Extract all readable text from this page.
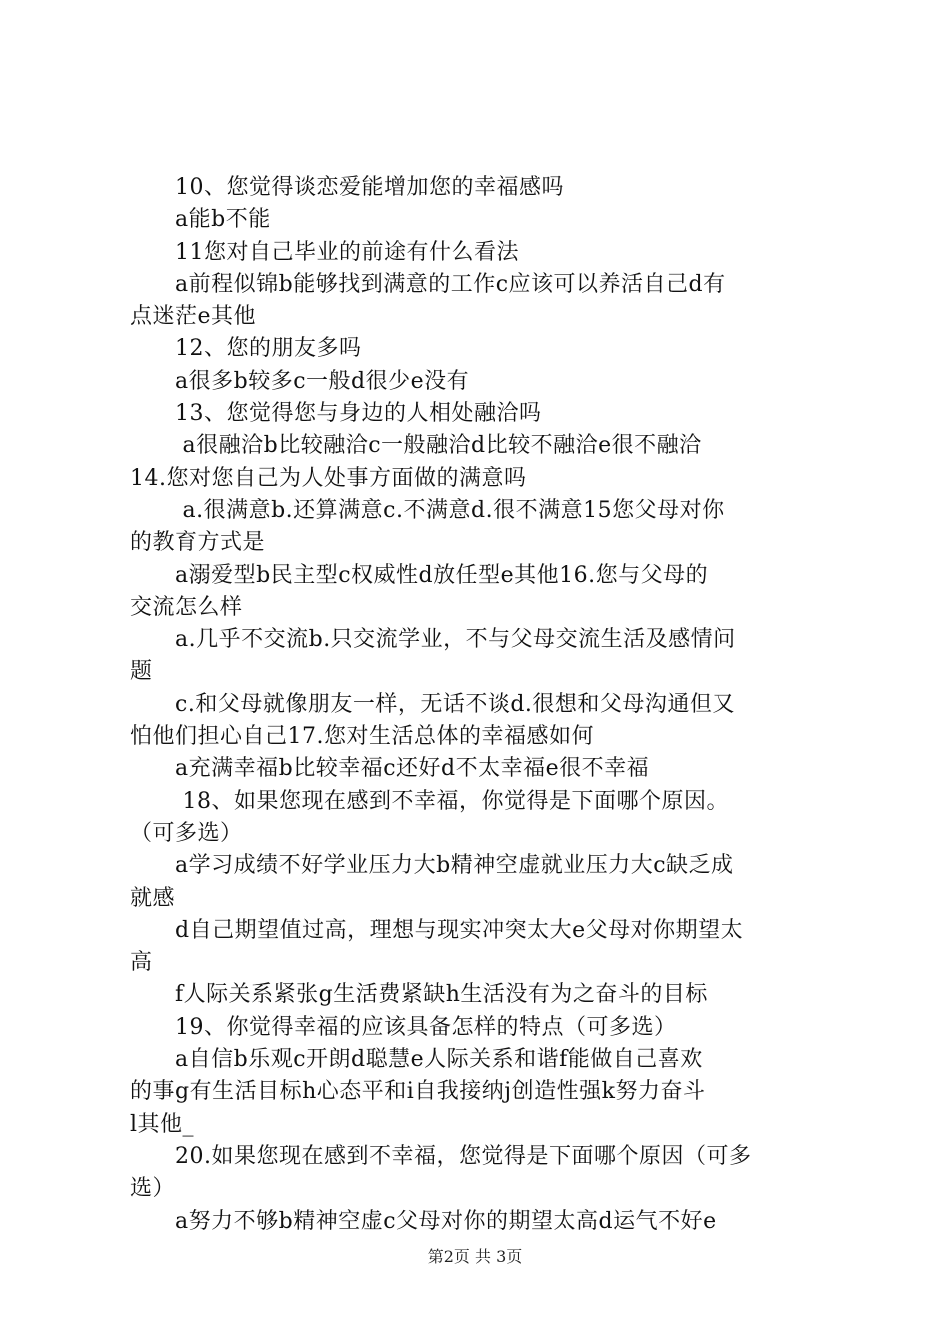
　　10、您觉得谈恋爱能增加您的幸福感吗

　　a能b不能

　　11您对自己毕业的前途有什么看法

　　a前程似锦b能够找到满意的工作c应该可以养活自己d有

点迷茫e其他

　　12、您的朋友多吗

　　a很多b较多c一般d很少e没有

　　13、您觉得您与身边的人相处融洽吗

　　 a很融洽b比较融洽c一般融洽d比较不融洽e很不融洽

14.您对您自己为人处事方面做的满意吗

　　 a.很满意b.还算满意c.不满意d.很不满意15您父母对你

的教育方式是

　　a溺爱型b民主型c权威性d放任型e其他16.您与父母的

交流怎么样

　　a.几乎不交流b.只交流学业，不与父母交流生活及感情问

题

　　c.和父母就像朋友一样，无话不谈d.很想和父母沟通但又

怕他们担心自己17.您对生活总体的幸福感如何

　　a充满幸福b比较幸福c还好d不太幸福e很不幸福

　　 18、如果您现在感到不幸福，你觉得是下面哪个原因。

（可多选）

　　a学习成绩不好学业压力大b精神空虚就业压力大c缺乏成

就感

　　d自己期望值过高，理想与现实冲突太大e父母对你期望太

高

　　f人际关系紧张g生活费紧缺h生活没有为之奋斗的目标

　　19、你觉得幸福的应该具备怎样的特点（可多选）

　　a自信b乐观c开朗d聪慧e人际关系和谐f能做自己喜欢

的事g有生活目标h心态平和i自我接纳j创造性强k努力奋斗

l其他_

　　20.如果您现在感到不幸福，您觉得是下面哪个原因（可多

选）

　　a努力不够b精神空虚c父母对你的期望太高d运气不好e

第2页 共 3页
